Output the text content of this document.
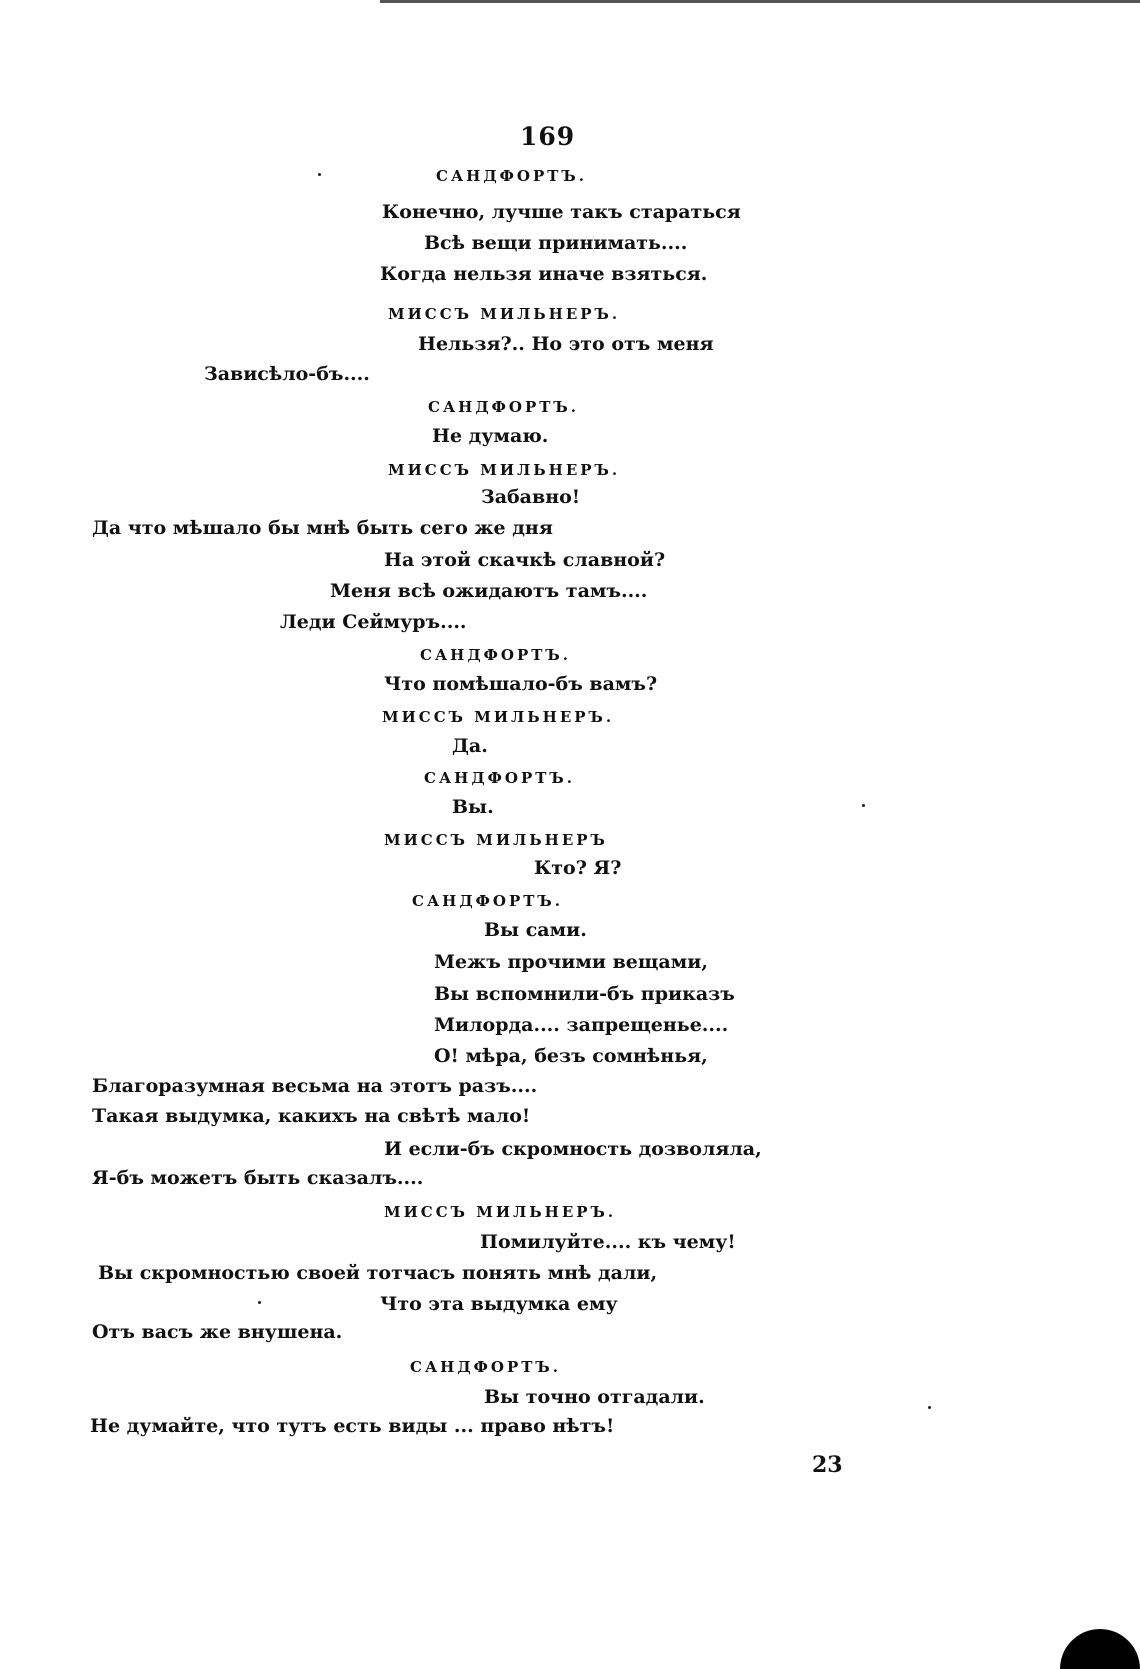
169
САНДФОРТЪ.
Конечно, лучше такъ стараться
Всѣ вещи принимать....
Когда нельзя иначе взяться.
МИССЪ МИЛЬНЕРЪ.
Нельзя?.. Но это отъ меня
Завиcѣло-бъ....
САНДФОРТЪ.
Не думаю.
МИССЪ МИЛЬНЕРЪ.
Забавно!
Да что мѣшало бы мнѣ быть сего же дня
На этой скачкѣ славной?
Меня всѣ ожидаютъ тамъ....
Леди Сеймуръ....
САНДФОРТЪ.
Что помѣшало-бъ вамъ?
МИССЪ МИЛЬНЕРЪ.
Да.
САНДФОРТЪ.
Вы.
МИССЪ МИЛЬНЕРЪ
Кто? Я?
САНДФОРТЪ.
Вы сами.
Межъ прочими вещами,
Вы вспомнили-бъ приказъ
Милорда.... запрещенье....
О! мѣра, безъ сомнѣнья,
Благоразумная весьма на этотъ разъ....
Такая выдумка, какихъ на свѣтѣ мало!
И если-бъ скромность дозволяла,
Я-бъ можетъ быть сказалъ....
МИССЪ МИЛЬНЕРЪ.
Помилуйте.... къ чему!
Вы скромностью своей тотчасъ понять мнѣ дали,
Что эта выдумка ему
Отъ васъ же внушена.
САНДФОРТЪ.
Вы точно отгадали.
Не думайте, что тутъ есть виды ... право нѣтъ!
23
